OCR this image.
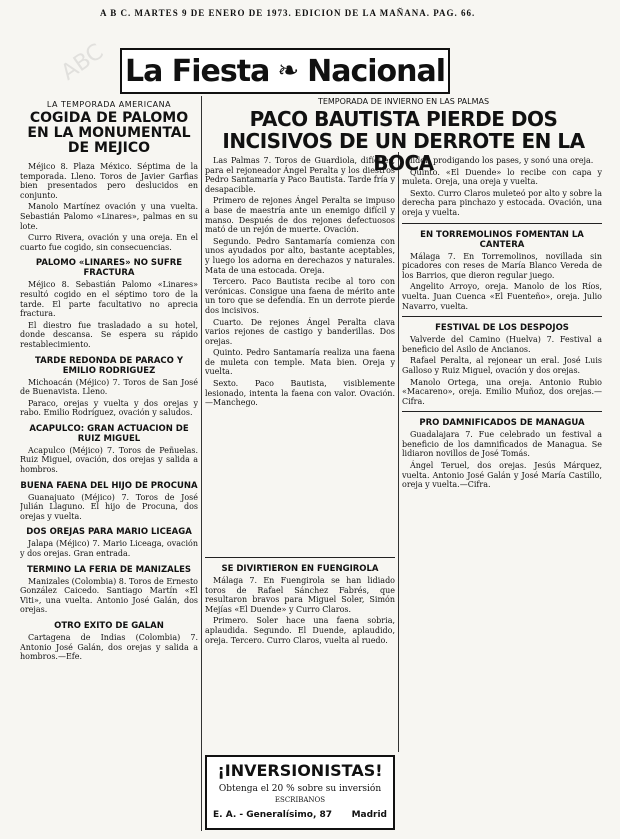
A B C. MARTES 9 DE ENERO DE 1973. EDICION DE LA MAÑANA. PAG. 66.
ABC La Fiesta ❧ Nacional
LA TEMPORADA AMERICANA
COGIDA DE PALOMO EN LA MONUMENTAL DE MEJICO

Méjico 8. Plaza México. Séptima de la temporada. Lleno. Toros de Javier Garfias bien presentados pero deslucidos en conjunto.

Manolo Martínez ovación y una vuelta. Sebastián Palomo «Linares», palmas en su lote.

Curro Rivera, ovación y una oreja. En el cuarto fue cogido, sin consecuencias.

PALOMO «LINARES» NO SUFRE FRACTURA

Méjico 8. Sebastián Palomo «Linares» resultó cogido en el séptimo toro de la tarde. El parte facultativo no aprecia fractura.

El diestro fue trasladado a su hotel, donde descansa. Se espera su rápido restablecimiento.

TARDE REDONDA DE PARACO Y EMILIO RODRIGUEZ

Michoacán (Méjico) 7. Toros de San José de Buenavista. Lleno.

Paraco, orejas y vuelta y dos orejas y rabo. Emilio Rodríguez, ovación y saludos.

ACAPULCO: GRAN ACTUACION DE RUIZ MIGUEL

Acapulco (Méjico) 7. Toros de Peñuelas. Ruiz Miguel, ovación, dos orejas y salida a hombros.

BUENA FAENA DEL HIJO DE PROCUNA

Guanajuato (Méjico) 7. Toros de José Julián Llaguno. El hijo de Procuna, dos orejas y vuelta.

DOS OREJAS PARA MARIO LICEAGA

Jalapa (Méjico) 7. Mario Liceaga, ovación y dos orejas. Gran entrada.

TERMINO LA FERIA DE MANIZALES

Manizales (Colombia) 8. Toros de Ernesto González Caicedo. Santiago Martín «El Viti», una vuelta. Antonio José Galán, dos orejas.

OTRO EXITO DE GALAN

Cartagena de Indias (Colombia) 7. Antonio José Galán, dos orejas y salida a hombros.—Efe.

TEMPORADA DE INVIERNO EN LAS PALMAS
PACO BAUTISTA PIERDE DOS INCISIVOS DE UN DERROTE EN LA BOCA

Las Palmas 7. Toros de Guardiola, difíciles, para el rejoneador Ángel Peralta y los diestros Pedro Santamaría y Paco Bautista. Tarde fría y desapacible.

Primero de rejones Ángel Peralta se impuso a base de maestría ante un enemigo difícil y manso. Después de dos rejones defectuosos mató de un rejón de muerte. Ovación.

Segundo. Pedro Santamaría comienza con unos ayudados por alto, bastante aceptables, y luego los adorna en derechazos y naturales. Mata de una estocada. Oreja.

Tercero. Paco Bautista recibe al toro con verónicas. Consigue una faena de mérito ante un toro que se defendía. En un derrote pierde dos incisivos.

Cuarto. De rejones Ángel Peralta clava varios rejones de castigo y banderillas. Dos orejas.

Quinto. Pedro Santamaría realiza una faena de muleta con temple. Mata bien. Oreja y vuelta.

Sexto. Paco Bautista, visiblemente lesionado, intenta la faena con valor. Ovación.—Manchego.

SE DIVIRTIERON EN FUENGIROLA

Málaga 7. En Fuengirola se han lidiado toros de Rafael Sánchez Fabrés, que resultaron bravos para Miguel Soler, Simón Mejías «El Duende» y Curro Claros.

Primero. Soler hace una faena sobria, aplaudida. Segundo. El Duende, aplaudido, oreja. Tercero. Curro Claros, vuelta al ruedo.

¡INVERSIONISTAS!
Obtenga el 20 % sobre su inversión
ESCRIBANOS
E. A. - Generalísimo, 87 Madrid

lidor, prodigando los pases, y sonó una oreja.

Quinto. «El Duende» lo recibe con capa y muleta. Oreja, una oreja y vuelta.

Sexto. Curro Claros muleteó por alto y sobre la derecha para pinchazo y estocada. Ovación, una oreja y vuelta.

EN TORREMOLINOS FOMENTAN LA CANTERA

Málaga 7. En Torremolinos, novillada sin picadores con reses de María Blanco Vereda de los Barrios, que dieron regular juego.

Angelito Arroyo, oreja. Manolo de los Ríos, vuelta. Juan Cuenca «El Fuenteño», oreja. Julio Navarro, vuelta.

FESTIVAL DE LOS DESPOJOS

Valverde del Camino (Huelva) 7. Festival a beneficio del Asilo de Ancianos.

Rafael Peralta, al rejonear un eral. José Luis Galloso y Ruiz Miguel, ovación y dos orejas.

Manolo Ortega, una oreja. Antonio Rubio «Macareno», oreja. Emilio Muñoz, dos orejas.—Cifra.

PRO DAMNIFICADOS DE MANAGUA

Guadalajara 7. Fue celebrado un festival a beneficio de los damnificados de Managua. Se lidiaron novillos de José Tomás.

Ángel Teruel, dos orejas. Jesús Márquez, vuelta. Antonio José Galán y José María Castillo, oreja y vuelta.—Cifra.
